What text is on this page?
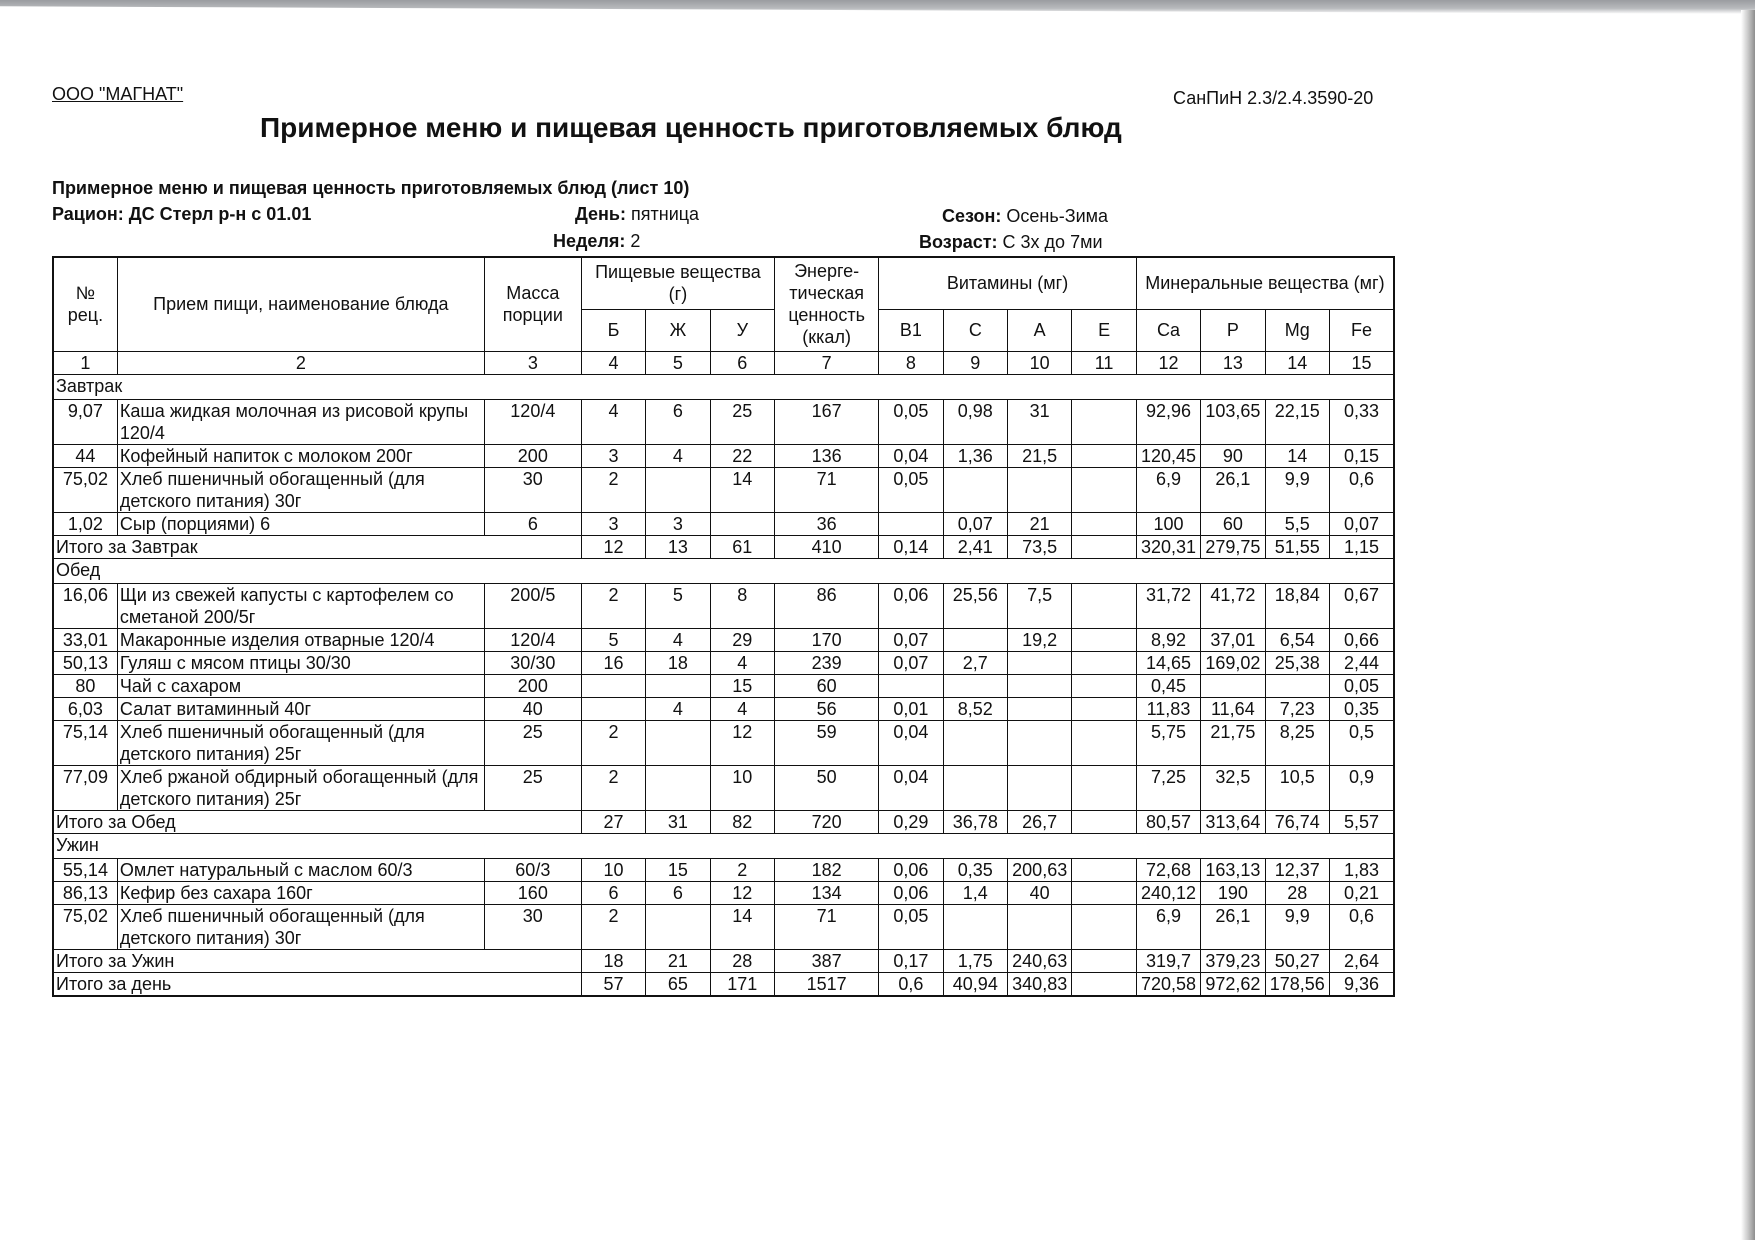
ООО "МАГНАТ"	СанПиН 2.3/2.4.3590-20
Примерное меню и пищевая ценность приготовляемых блюд
Примерное меню и пищевая ценность приготовляемых блюд (лист 10)
Рацион: ДС Стерл р-н с 01.01	День: пятница
Неделя: 2
Сезон: Осень-Зима
Возраст: С 3х до 7ми
№ рец.	Прием пищи, наименование блюда	Масса порции	Пищевые вещества (г)			Энерге-тическая ценность (ккал)	Витамины (мг)				Минеральные вещества (мг)			
			Б	Ж	У		B1	C	A	E	Ca	P	Mg	Fe
1	2	3	4	5	6	7	8	9	10	11	12	13	14	15
Завтрак														
9,07	Каша жидкая молочная из рисовой крупы 120/4	120/4	4	6	25	167	0,05	0,98	31		92,96	103,65	22,15	0,33
44	Кофейный напиток с молоком 200г	200	3	4	22	136	0,04	1,36	21,5		120,45	90	14	0,15
75,02	Хлеб пшеничный обогащенный (для детского питания) 30г	30	2		14	71	0,05				6,9	26,1	9,9	0,6
1,02	Сыр (порциями) 6	6	3	3		36		0,07	21		100	60	5,5	0,07
Итого за Завтрак			12	13	61	410	0,14	2,41	73,5		320,31	279,75	51,55	1,15
Обед														
16,06	Щи из свежей капусты с картофелем со сметаной 200/5г	200/5	2	5	8	86	0,06	25,56	7,5		31,72	41,72	18,84	0,67
33,01	Макаронные изделия отварные 120/4	120/4	5	4	29	170	0,07		19,2		8,92	37,01	6,54	0,66
50,13	Гуляш с мясом птицы 30/30	30/30	16	18	4	239	0,07	2,7			14,65	169,02	25,38	2,44
80	Чай с сахаром	200			15	60					0,45			0,05
6,03	Салат витаминный 40г	40		4	4	56	0,01	8,52			11,83	11,64	7,23	0,35
75,14	Хлеб пшеничный обогащенный (для детского питания) 25г	25	2		12	59	0,04				5,75	21,75	8,25	0,5
77,09	Хлеб ржаной обдирный обогащенный (для детского питания) 25г	25	2		10	50	0,04				7,25	32,5	10,5	0,9
Итого за Обед			27	31	82	720	0,29	36,78	26,7		80,57	313,64	76,74	5,57
Ужин														
55,14	Омлет натуральный с маслом 60/3	60/3	10	15	2	182	0,06	0,35	200,63		72,68	163,13	12,37	1,83
86,13	Кефир без сахара 160г	160	6	6	12	134	0,06	1,4	40		240,12	190	28	0,21
75,02	Хлеб пшеничный обогащенный (для детского питания) 30г	30	2		14	71	0,05				6,9	26,1	9,9	0,6
Итого за Ужин			18	21	28	387	0,17	1,75	240,63		319,7	379,23	50,27	2,64
Итого за день			57	65	171	1517	0,6	40,94	340,83		720,58	972,62	178,56	9,36
